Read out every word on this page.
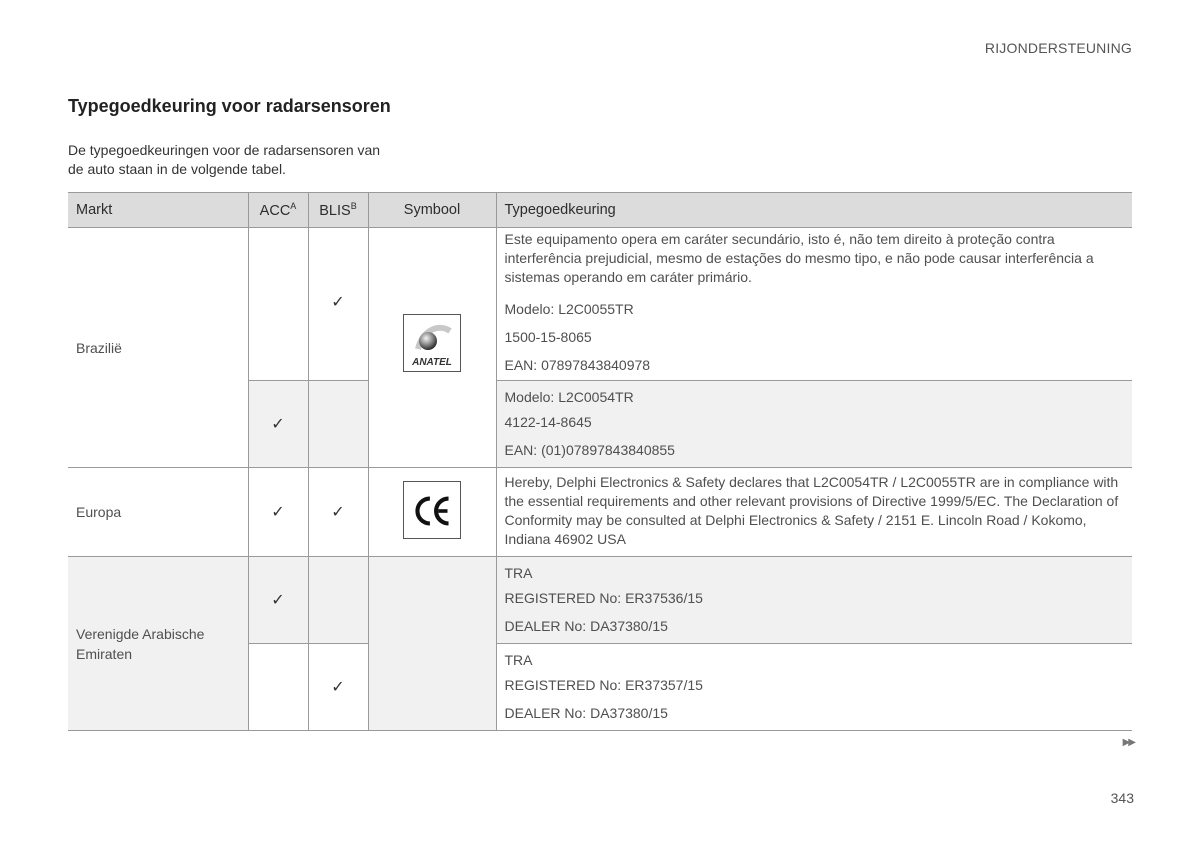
RIJONDERSTEUNING
Typegoedkeuring voor radarsensoren

De typegoedkeuringen voor de radarsensoren van de auto staan in de volgende tabel.

Markt	$ACC^A$	$BLIS^B$	Symbool	Typegoedkeuring
Brazilië		✓	ANATEL	Este equipamento opera em caráter secundário, isto é, não tem direito à proteção contra interferência prejudicial, mesmo de estações do mesmo tipo, e não pode causar interferência a sistemas operando em caráter primário.
Modelo: L2C0055TR
1500-15-8065
EAN: 07897843840978

	✓			Modelo: L2C0054TR
4122-14-8645
EAN: (01)07897843840855

Europa	✓	✓		Hereby, Delphi Electronics & Safety declares that L2C0054TR / L2C0055TR are in compliance with the essential requirements and other relevant provisions of Directive 1999/5/EC. The Declaration of Conformity may be consulted at Delphi Electronics & Safety / 2151 E. Lincoln Road / Kokomo, Indiana 46902 USA

Verenigde Arabische Emiraten	✓			TRA
REGISTERED No: ER37536/15
DEALER No: DA37380/15

		✓		TRA
REGISTERED No: ER37357/15
DEALER No: DA37380/15
▶▶
343
